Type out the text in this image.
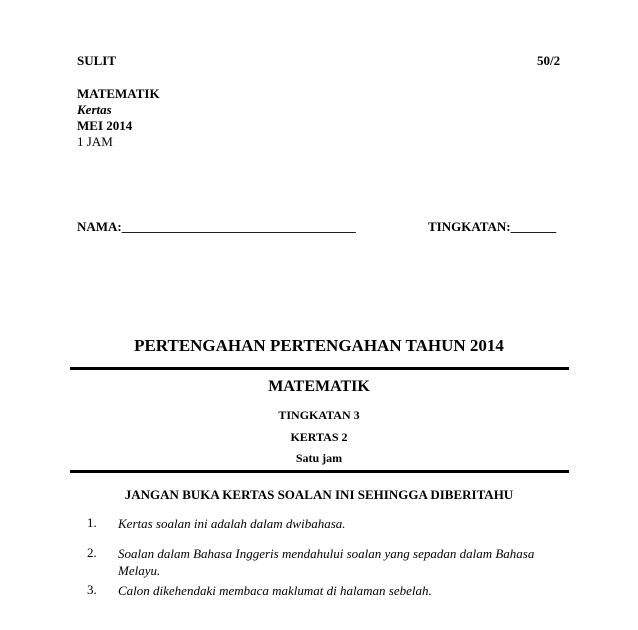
SULIT	50/2
MATEMATIK
Kertas
MEI 2014
1 JAM
NAMA:____________________________________	TINGKATAN:_______
PERTENGAHAN PERTENGAHAN TAHUN 2014
MATEMATIK
TINGKATAN 3
KERTAS 2
Satu jam
JANGAN BUKA KERTAS SOALAN INI SEHINGGA DIBERITAHU
1. Kertas soalan ini adalah dalam dwibahasa.
2. Soalan dalam Bahasa Inggeris mendahului soalan yang sepadan dalam Bahasa Melayu.
3. Calon dikehendaki membaca maklumat di halaman sebelah.
